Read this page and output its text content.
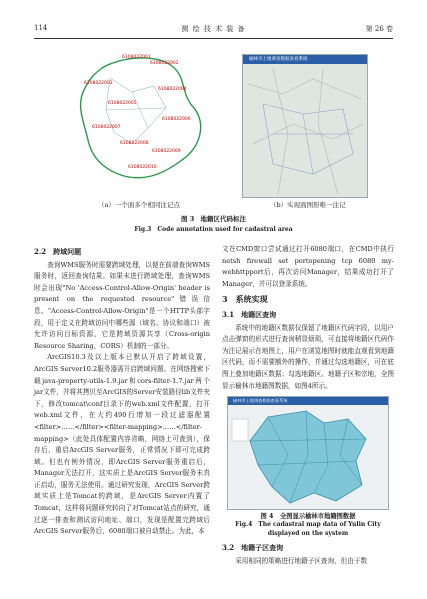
114	测 绘 技 术 装 备	第 26 卷
6108022001
6108022002
6108022003
6108022004
6108022005
6108022006
6108022007
6108022008
6108022009
6108022010
（a）一个面多个相同注记点
榆林市土地调查数据查看系统
（b）实现面图形唯一注记
图 3 地籍区代码标注
Fig.3　Code annotation used for cadastral area
2.2　跨域问题

查询WMS服务时需要跨域处理，以便在前端查询WMS服务时，返回查询结果。如果未进行跨域处理，查询WMS时会出现"No 'Access-Control-Allow-Origin' header is present on the requested resource"错误信息。"Access-Control-Allow-Origin"是一个HTTP头部字段，用于定义在跨域访问中哪些源（域名、协议和端口）被允许访问目标资源，它是跨域资源共享（Cross-origin Resource Sharing，CORS）机制的一部分。

ArcGIS10.3及以上版本已默认开启了跨域设置，ArcGIS Server10.2服务器需开启跨域问题。在网络搜索下载java-property-utils-1.9.jar和cors-filter-1.7.jar两个jar文件，并将其拷贝至ArcGIS的Server安装路径lib文件夹下，修改tomcat\conf目录下的web.xml文件配置，打开web.xml文件，在大约490行增加一段过滤器配置<filter>……</filter><filter-mapping>……</filter-mapping>（此处具体配置内容省略，网络上可查到），保存后，重启ArcGIS Server服务，正常情况下即可完成跨域。但也有例外情况，即ArcGIS Server服务重启后，Manager无法打开，这实质上是ArcGIS Server服务未真正启动，服务无法使用。通过研究发现，ArcGIS Server跨域实质上是Tomcat的跨域，是ArcGIS Server内置了Tomcat，这样将问题研究转向了对Tomcat站点的研究，通过逐一排查和测试访问地址、端口，发现是配置完跨域后ArcGIS Server服务后，6080端口被自动禁止。为此，本

文在CMD窗口尝试通过打开6080端口，在CMD中执行netsh firewall set portopening tcp 6080 my-webhttpport后，再次访问Manager，结果成功打开了Manager，并可以登录系统。

3　系统实现
3.1　地籍区查询

系统中的地籍区数据仅保留了地籍区代码字段，以用户点击弹窗的形式进行查询稍显烦琐，可直接将地籍区代码作为注记展示在地图上，用户在浏览地图时就能直观看到地籍区代码，而不需要额外的操作，并通过勾选地籍区，可在底图上叠加地籍区数据；勾选地籍区、地籍子区和宗地，全图显示榆林市地籍图数据，如图4所示。

榆林市土地调查数据查看系统
图 4 全图显示榆林市地籍图数据
Fig.4　The cadastral map data of Yulin City displayed on the system
3.2　地籍子区查询

采用相同的策略进行地籍子区查询，但由于数
